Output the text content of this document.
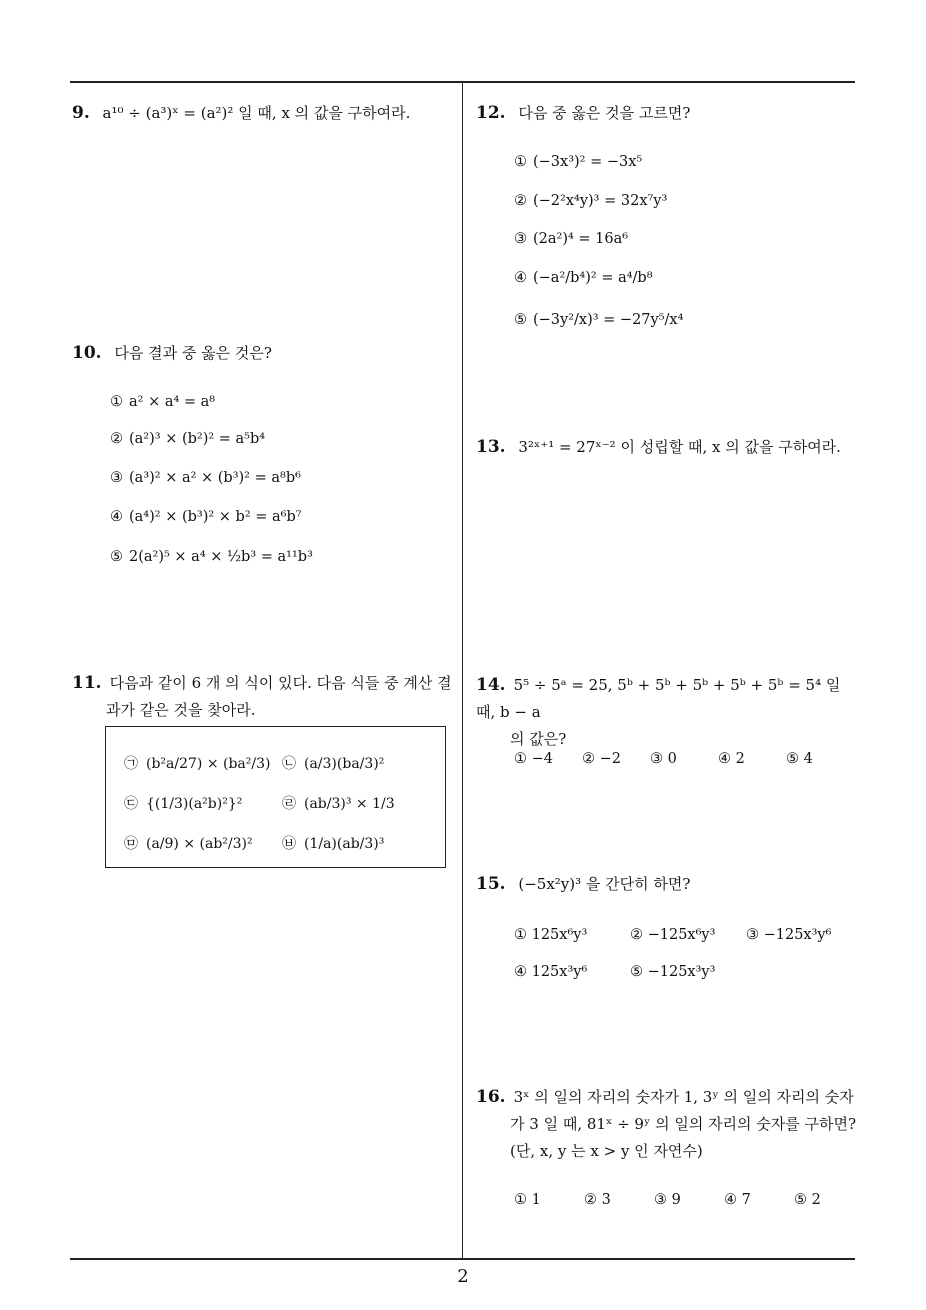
9. a¹⁰ ÷ (a³)ˣ = (a²)² 일 때, x 의 값을 구하여라.
10. 다음 결과 중 옳은 것은?
① a² × a⁴ = a⁸
② (a²)³ × (b²)² = a⁵b⁴
③ (a³)² × a² × (b³)² = a⁸b⁶
④ (a⁴)² × (b³)² × b² = a⁶b⁷
⑤ 2(a²)⁵ × a⁴ × ½b³ = a¹¹b³
11. 다음과 같이 6 개 의 식이 있다. 다음 식들 중 계산 결
과가 같은 것을 찾아라.
㉠ (b²a/27) × (ba²/3) ㉡ (a/3)(ba/3)²
㉢ {(1/3)(a²b)²}²	㉣ (ab/3)³ × 1/3
㉤ (a/9) × (ab²/3)² ㉥ (1/a)(ab/3)³
12. 다음 중 옳은 것을 고르면?
① (−3x³)² = −3x⁵
② (−2²x⁴y)³ = 32x⁷y³
③ (2a²)⁴ = 16a⁶
④ (−a²/b⁴)² = a⁴/b⁸
⑤ (−3y²/x)³ = −27y⁵/x⁴
13. 3²ˣ⁺¹ = 27ˣ⁻² 이 성립할 때, x 의 값을 구하여라.
14. 5⁵ ÷ 5ᵃ = 25, 5ᵇ + 5ᵇ + 5ᵇ + 5ᵇ + 5ᵇ = 5⁴ 일 때, b − a
의 값은?
① −4 ② −2 ③ 0	④ 2	⑤ 4
15. (−5x²y)³ 을 간단히 하면?
① 125x⁶y³	② −125x⁶y³ ③ −125x³y⁶
④ 125x³y⁶	⑤ −125x³y³
16. 3ˣ 의 일의 자리의 숫자가 1, 3ʸ 의 일의 자리의 숫자
가 3 일 때, 81ˣ ÷ 9ʸ 의 일의 자리의 숫자를 구하면?
(단, x, y 는 x > y 인 자연수)
① 1	② 3	③ 9	④ 7	⑤ 2
2
